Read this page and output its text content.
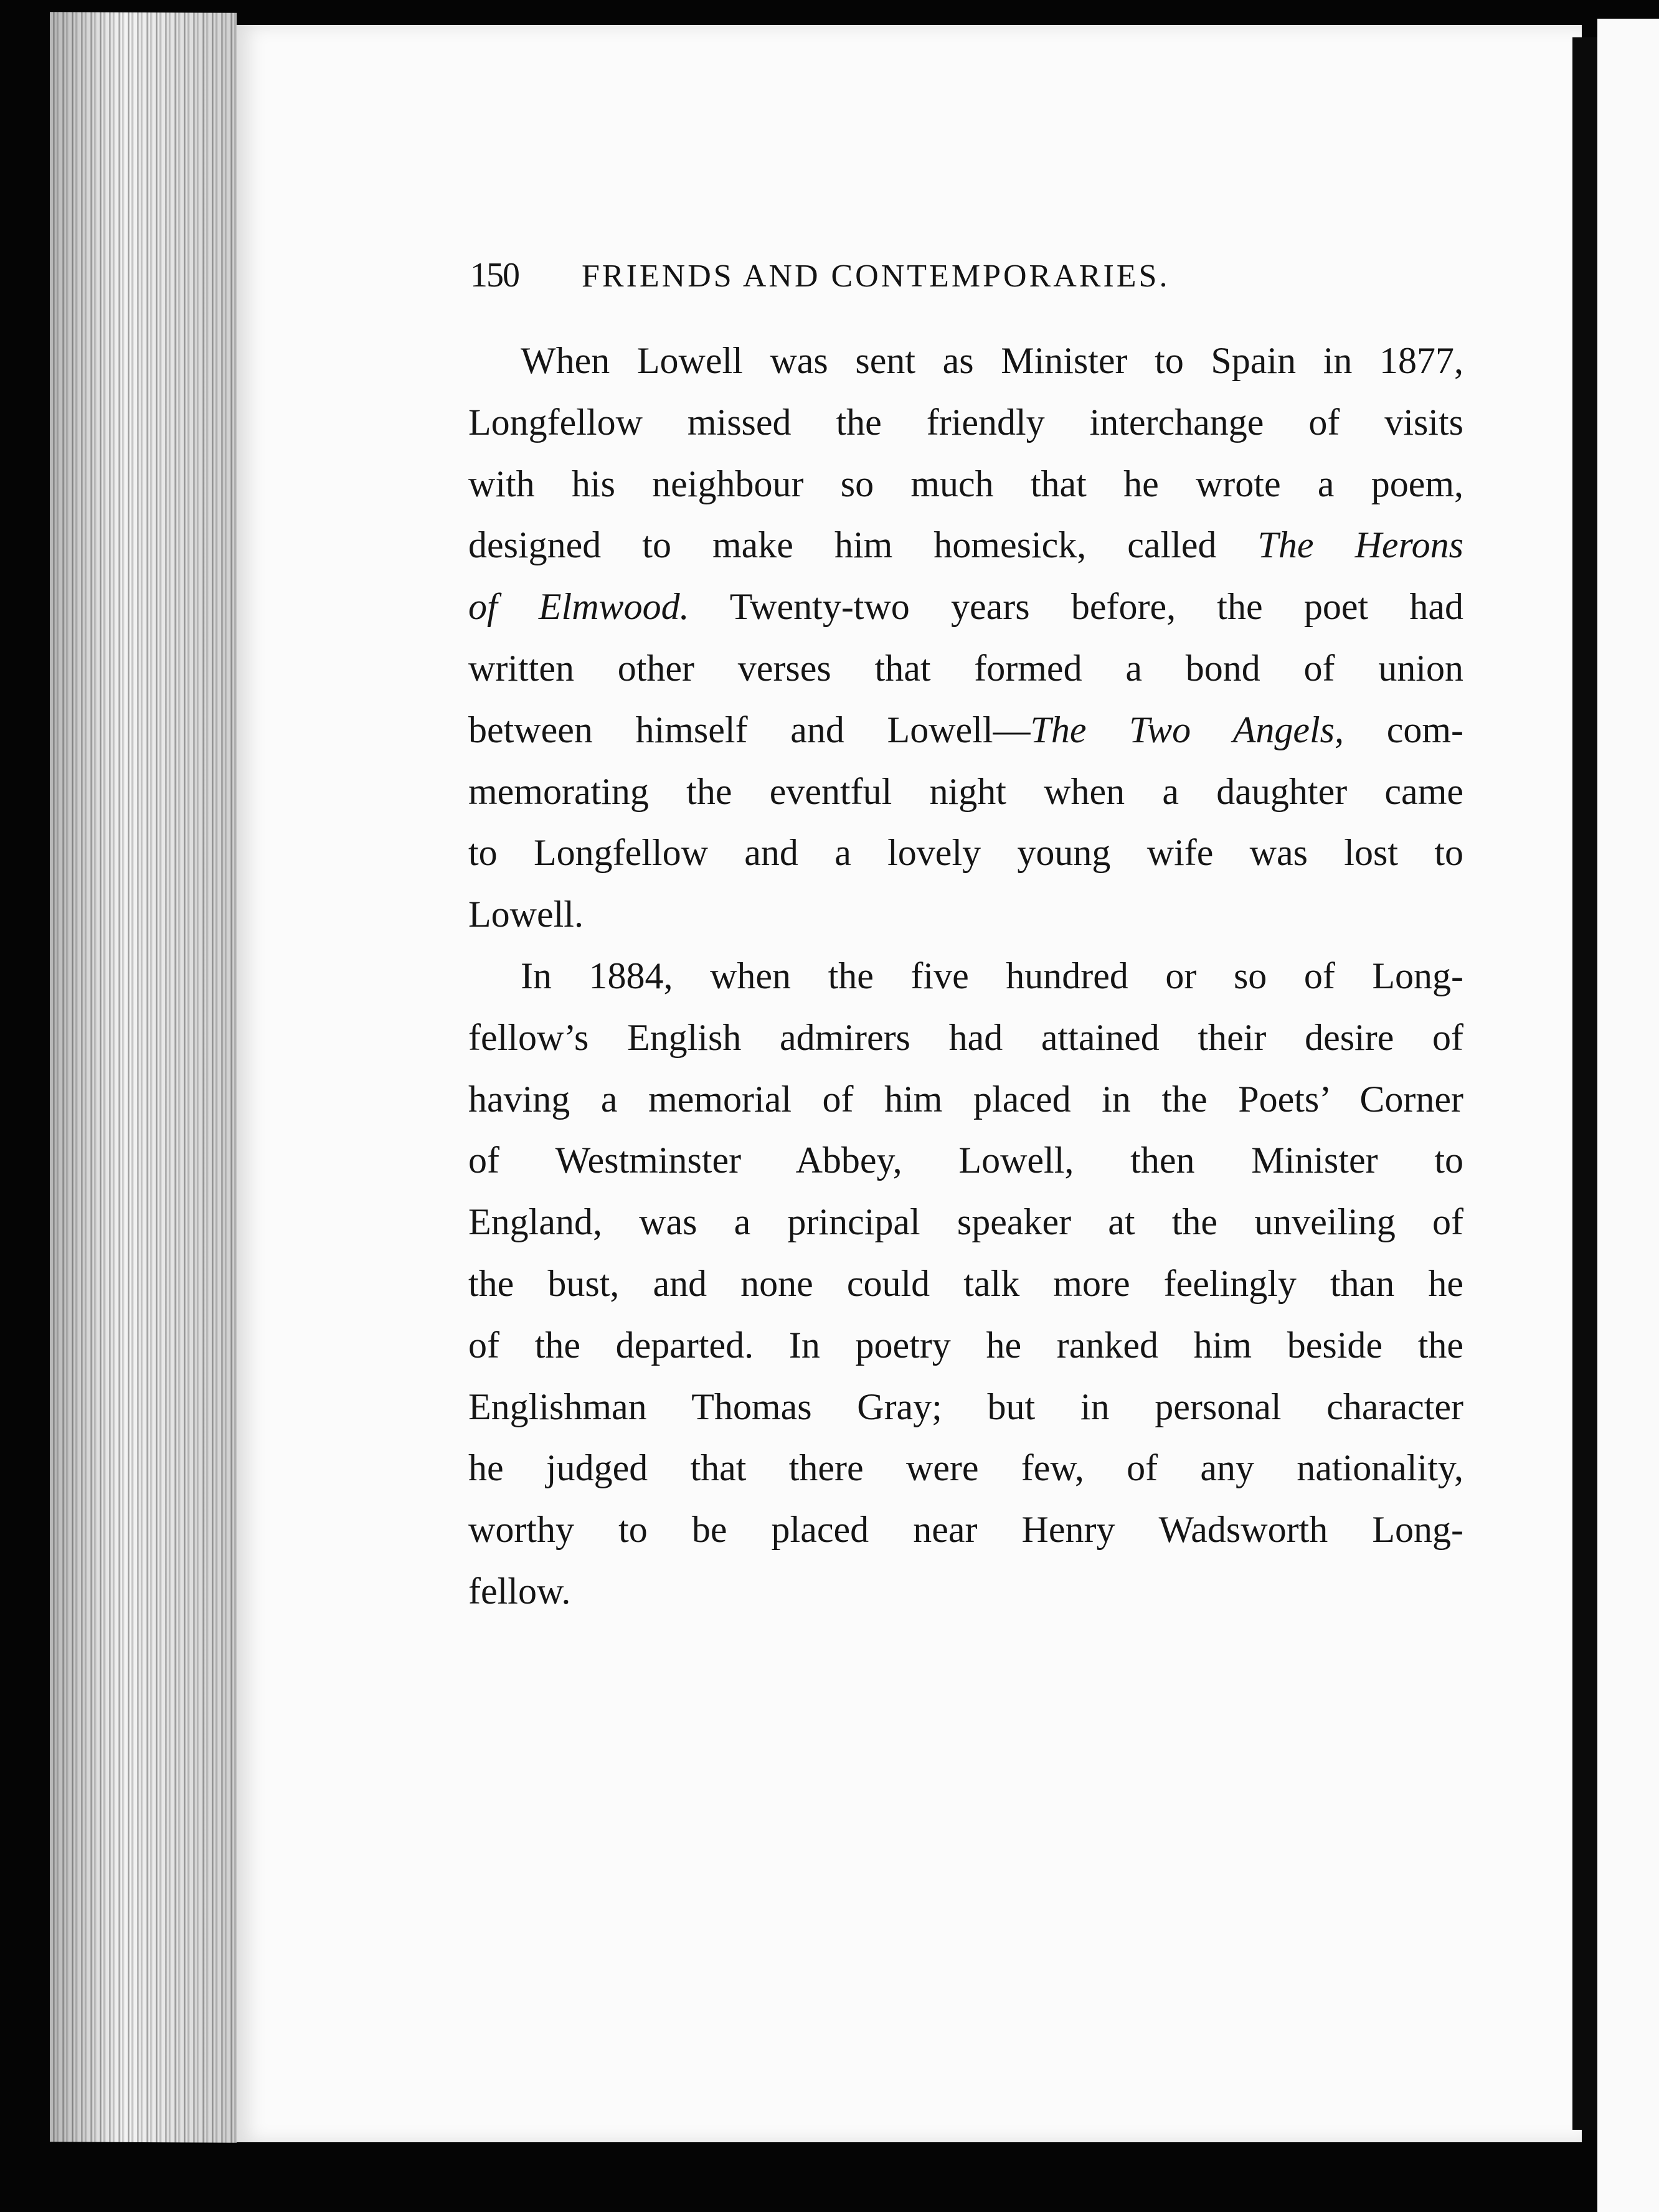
150 FRIENDS AND CONTEMPORARIES.
When Lowell was sent as Minister to Spain in 1877,
Longfellow missed the friendly interchange of visits
with his neighbour so much that he wrote a poem,
designed to make him homesick, called The Herons
of Elmwood. Twenty-two years before, the poet had
written other verses that formed a bond of union
between himself and Lowell—The Two Angels, com-
memorating the eventful night when a daughter came
to Longfellow and a lovely young wife was lost to
Lowell.
In 1884, when the five hundred or so of Long-
fellow’s English admirers had attained their desire of
having a memorial of him placed in the Poets’ Corner
of Westminster Abbey, Lowell, then Minister to
England, was a principal speaker at the unveiling of
the bust, and none could talk more feelingly than he
of the departed. In poetry he ranked him beside the
Englishman Thomas Gray; but in personal character
he judged that there were few, of any nationality,
worthy to be placed near Henry Wadsworth Long-
fellow.
